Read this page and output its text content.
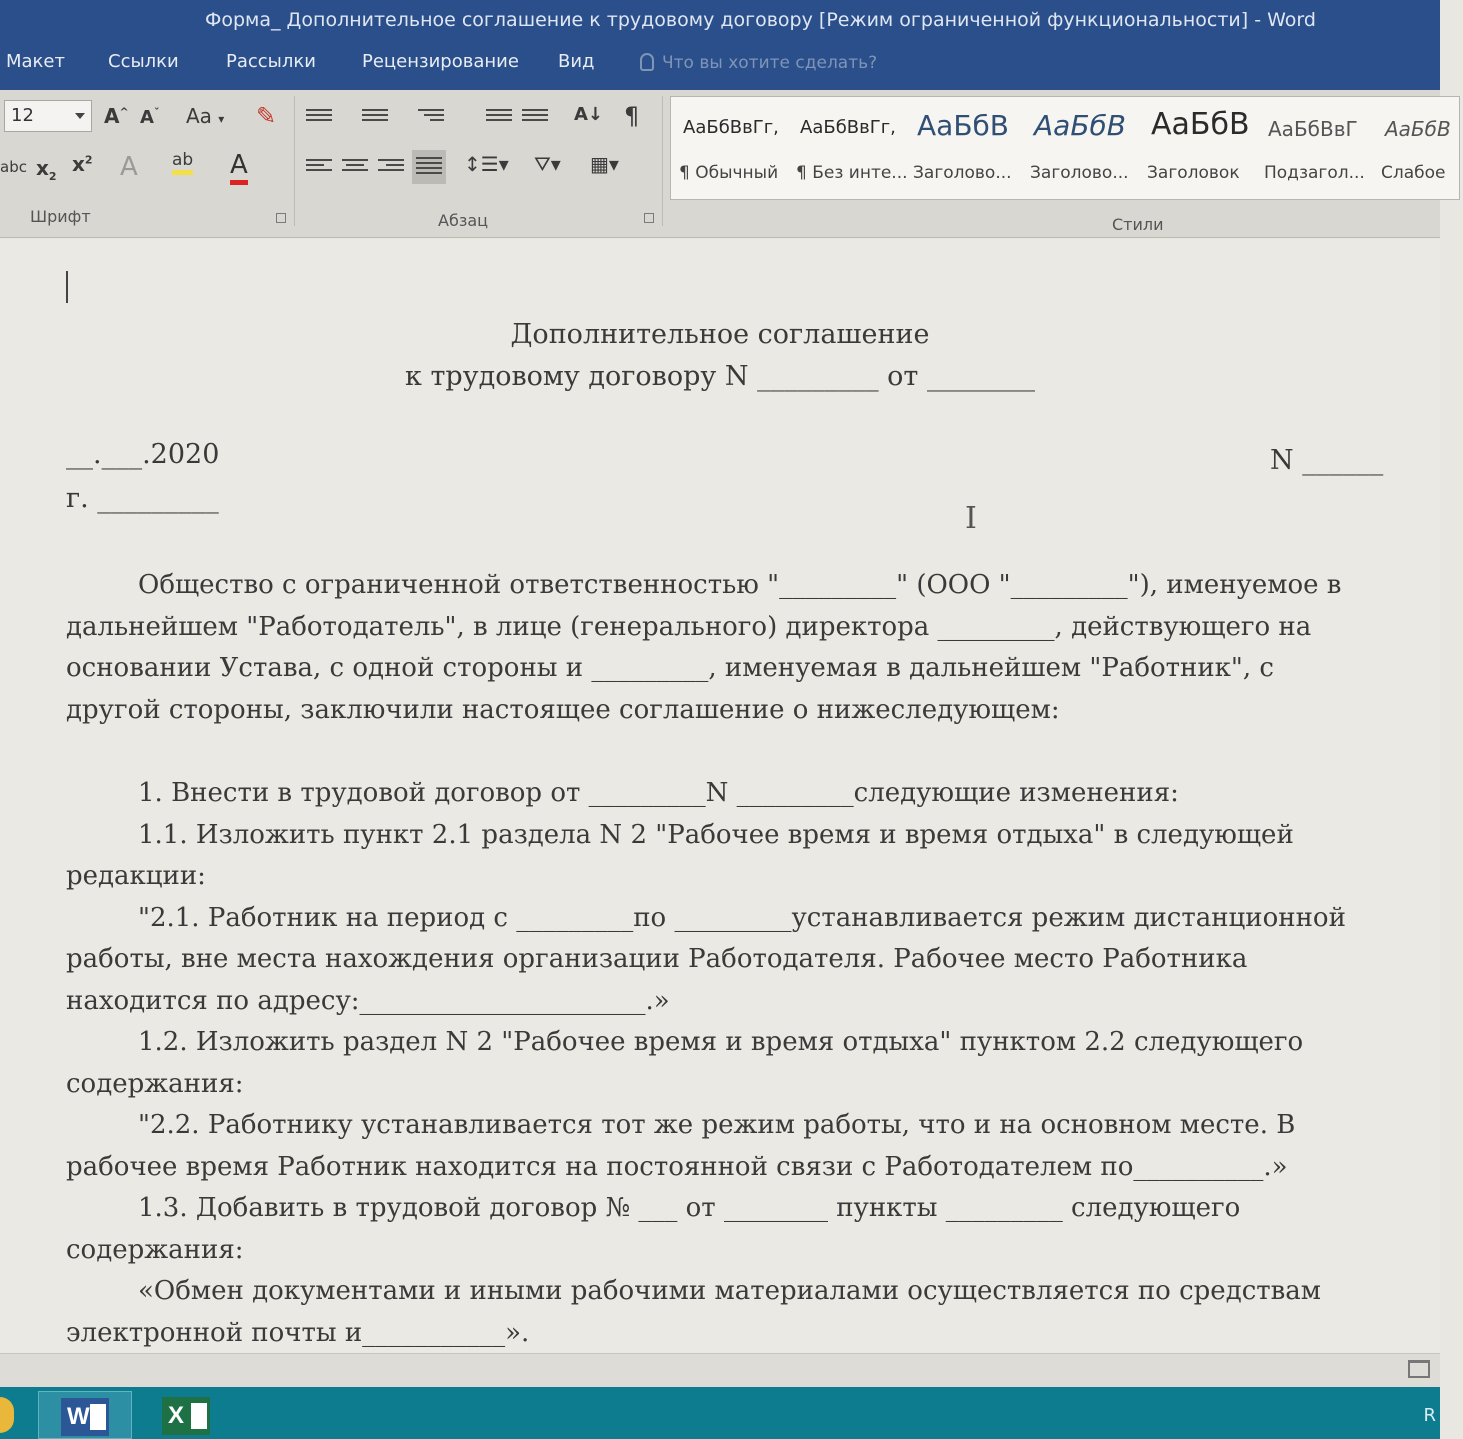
Форма_ Дополнительное соглашение к трудовому договору [Режим ограниченной функциональности] - Word
Макет Ссылки	Рассылки	Рецензирование Вид	Что вы хотите сделать?
12	A^ $A^ˇ$ Aa ▾ ✎
abc $x_2$
$x^2$ A ab A
Шрифт
A↓ ¶
↕☰▾ ⛛▾ ▦▾
Абзац
АаБбВвГг,
¶ Обычный
АаБбВвГг,
¶ Без инте...
АаБбВ
Заголово...
АаБбВ
Заголово...
АаБбВ
Заголовок
АаБбВвГ
Подзагол...
АаБбВ
Слабое
Стили
I
Дополнительное соглашение
к трудовому договору N _________ от ________
__.___.2020	N ______
г. _________
Общество с ограниченной ответственностью "_________" (ООО "_________"), именуемое в
дальнейшем "Работодатель", в лице (генерального) директора _________, действующего на
основании Устава, с одной стороны и _________, именуемая в дальнейшем "Работник", с
другой стороны, заключили настоящее соглашение о нижеследующем:
1. Внести в трудовой договор от _________N _________следующие изменения:
1.1. Изложить пункт 2.1 раздела N 2 "Рабочее время и время отдыха" в следующей
редакции:
"2.1. Работник на период с _________по _________устанавливается режим дистанционной
работы, вне места нахождения организации Работодателя. Рабочее место Работника
находится по адресу:______________________.»
1.2. Изложить раздел N 2 "Рабочее время и время отдыха" пунктом 2.2 следующего
содержания:
"2.2. Работнику устанавливается тот же режим работы, что и на основном месте. В
рабочее время Работник находится на постоянной связи с Работодателем по__________.»
1.3. Добавить в трудовой договор № ___ от ________ пункты _________ следующего
содержания:
«Обмен документами и иными рабочими материалами осуществляется по средствам
электронной почты и___________».
W	X	R
